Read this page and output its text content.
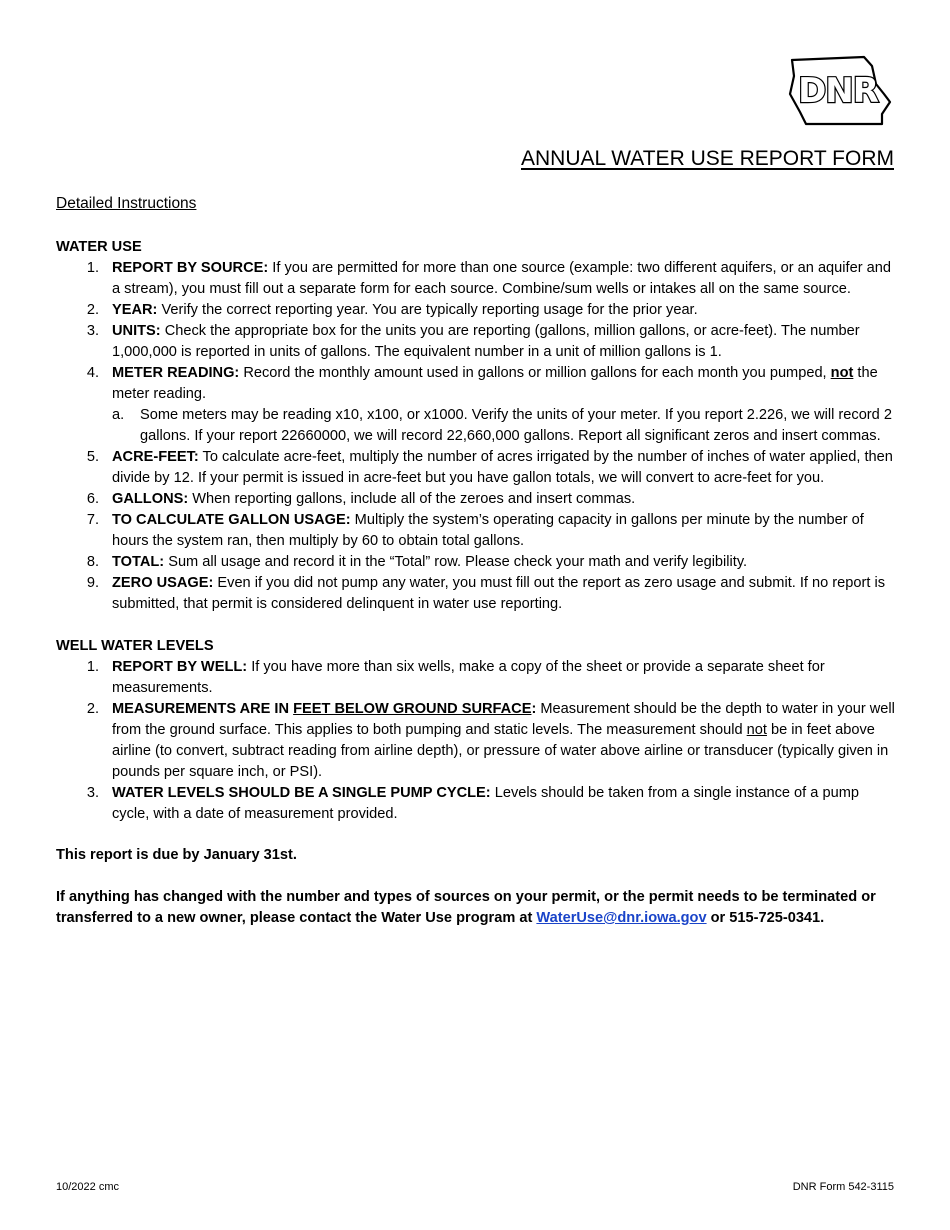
DNR
ANNUAL WATER USE REPORT FORM
Detailed Instructions
WATER USE
1. REPORT BY SOURCE: If you are permitted for more than one source (example: two different aquifers, or an aquifer and a stream), you must fill out a separate form for each source. Combine/sum wells or intakes all on the same source.
2. YEAR: Verify the correct reporting year. You are typically reporting usage for the prior year.
3. UNITS: Check the appropriate box for the units you are reporting (gallons, million gallons, or acre-feet). The number 1,000,000 is reported in units of gallons. The equivalent number in a unit of million gallons is 1.
4. METER READING: Record the monthly amount used in gallons or million gallons for each month you pumped, not the meter reading.
a.	Some meters may be reading x10, x100, or x1000. Verify the units of your meter. If you report 2.226, we will record 2 gallons. If your report 22660000, we will record 22,660,000 gallons. Report all significant zeros and insert commas.
5. ACRE-FEET: To calculate acre-feet, multiply the number of acres irrigated by the number of inches of water applied, then divide by 12. If your permit is issued in acre-feet but you have gallon totals, we will convert to acre-feet for you.
6. GALLONS: When reporting gallons, include all of the zeroes and insert commas.
7. TO CALCULATE GALLON USAGE: Multiply the system’s operating capacity in gallons per minute by the number of hours the system ran, then multiply by 60 to obtain total gallons.
8. TOTAL: Sum all usage and record it in the “Total” row. Please check your math and verify legibility.
9. ZERO USAGE: Even if you did not pump any water, you must fill out the report as zero usage and submit. If no report is submitted, that permit is considered delinquent in water use reporting.
WELL WATER LEVELS
1. REPORT BY WELL: If you have more than six wells, make a copy of the sheet or provide a separate sheet for measurements.
2. MEASUREMENTS ARE IN FEET BELOW GROUND SURFACE: Measurement should be the depth to water in your well from the ground surface. This applies to both pumping and static levels. The measurement should not be in feet above airline (to convert, subtract reading from airline depth), or pressure of water above airline or transducer (typically given in pounds per square inch, or PSI).
3. WATER LEVELS SHOULD BE A SINGLE PUMP CYCLE: Levels should be taken from a single instance of a pump cycle, with a date of measurement provided.
This report is due by January 31st.
If anything has changed with the number and types of sources on your permit, or the permit needs to be terminated or transferred to a new owner, please contact the Water Use program at WaterUse@dnr.iowa.gov or 515-725-0341.
10/2022 cmc	DNR Form 542-3115
